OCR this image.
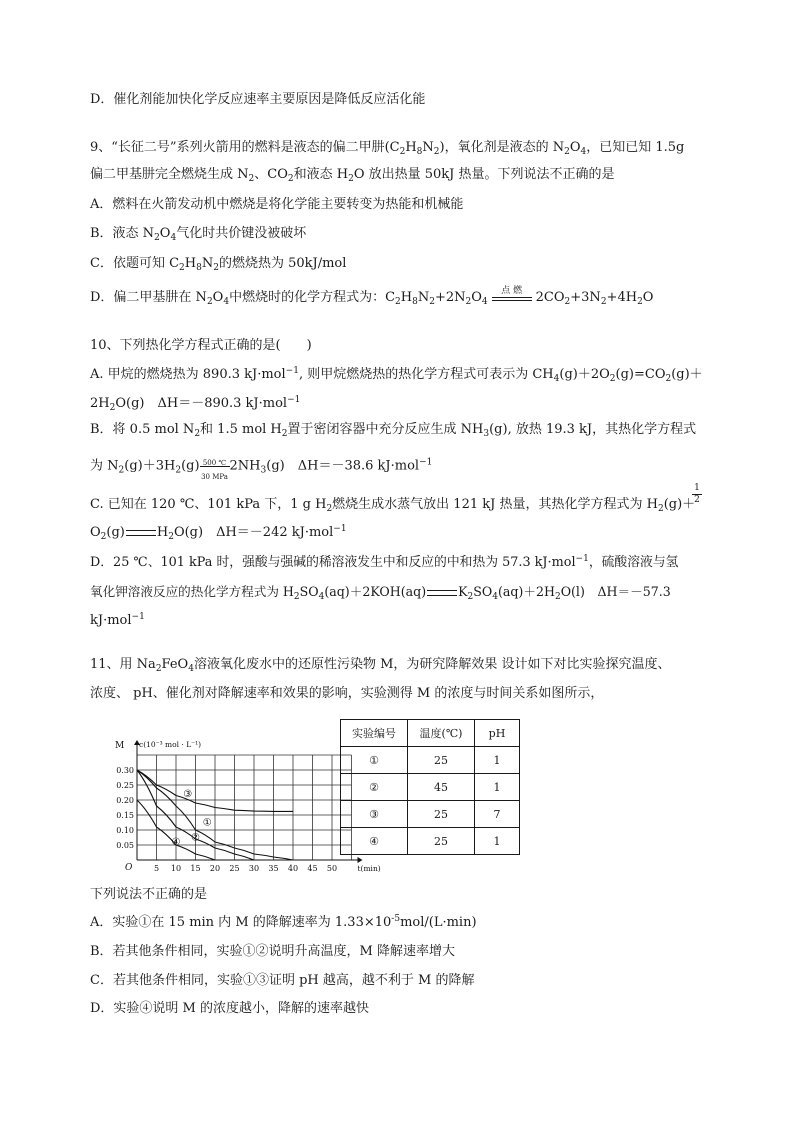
D．催化剂能加快化学反应速率主要原因是降低反应活化能
9、“长征二号”系列火箭用的燃料是液态的偏二甲肼$(C_2H_8N_2)$，氧化剂是液态的 $N_2O_4$，已知已知 1.5g
偏二甲基肼完全燃烧生成 $N_2$、$CO_2$和液态 $H_2O$ 放出热量 50kJ 热量。下列说法不正确的是
A．燃料在火箭发动机中燃烧是将化学能主要转变为热能和机械能
B．液态 $N_2O_4$气化时共价键没被破坏
C．依题可知 $C_2H_8N_2$的燃烧热为 50kJ/mol
D．偏二甲基肼在 $N_2O_4$中燃烧时的化学方程式为：$C_2H_8N_2+2N_2O_4$
点 燃	$2CO_2+3N_2+4H_2O$
10、下列热化学方程式正确的是(　　)
A. 甲烷的燃烧热为 890.3 kJ·mol$^{-1}$, 则甲烷燃烧热的热化学方程式可表示为 $CH_4(g)+2O_2(g)=CO_2(g)+$
$2H_2O(g)$　ΔH＝－890.3 kJ·mol$^{-1}$
B．将 0.5 mol $N_2$和 1.5 mol $H_2$置于密闭容器中充分反应生成 $NH_3(g)$, 放热 19.3 kJ，其热化学方程式
为 $N_2(g)+3H_2(g)$ 500 ℃
30 MPa
$2NH_3(g)$　ΔH＝－38.6 kJ·mol$^{-1}$
C. 已知在 120 ℃、101 kPa 下，1 g $H_2$燃烧生成水蒸气放出 121 kJ 热量，其热化学方程式为 $H_2(g)+$
1
2
$O_2(g)$ $H_2O(g)$　ΔH＝－242 kJ·mol$^{-1}$
D．25 ℃、101 kPa 时，强酸与强碱的稀溶液发生中和反应的中和热为 57.3 kJ·mol$^{-1}$，硫酸溶液与氢
氧化钾溶液反应的热化学方程式为 $H_2SO_4(aq)+2KOH(aq)$	$K_2SO_4(aq)+2H_2O(l)$　ΔH＝－57.3
kJ·mol$^{-1}$
11、用 $Na_2FeO_4$溶液氧化废水中的还原性污染物 M，为研究降解效果 设计如下对比实验探究温度、
浓度、 pH、催化剂对降解速率和效果的影响，实验测得 M 的浓度与时间关系如图所示，
0.30
0.25
0.20
0.15
0.10
0.05
5 10 15 20 25 30 35 40 45 50
O
M c(10⁻³ mol · L⁻¹)
t(min)
①
②
③
④
实验编号	温度(℃)	pH
①	25	1
②	45	1
③	25	7
④	25	1
下列说法不正确的是
A．实验①在 15 min 内 M 的降解速率为 $1.33\times 10^{-5}mol/(L\cdot\min)$
B．若其他条件相同，实验①②说明升高温度，M 降解速率增大
C．若其他条件相同，实验①③证明 pH 越高，越不利于 M 的降解
D．实验④说明 M 的浓度越小，降解的速率越快
